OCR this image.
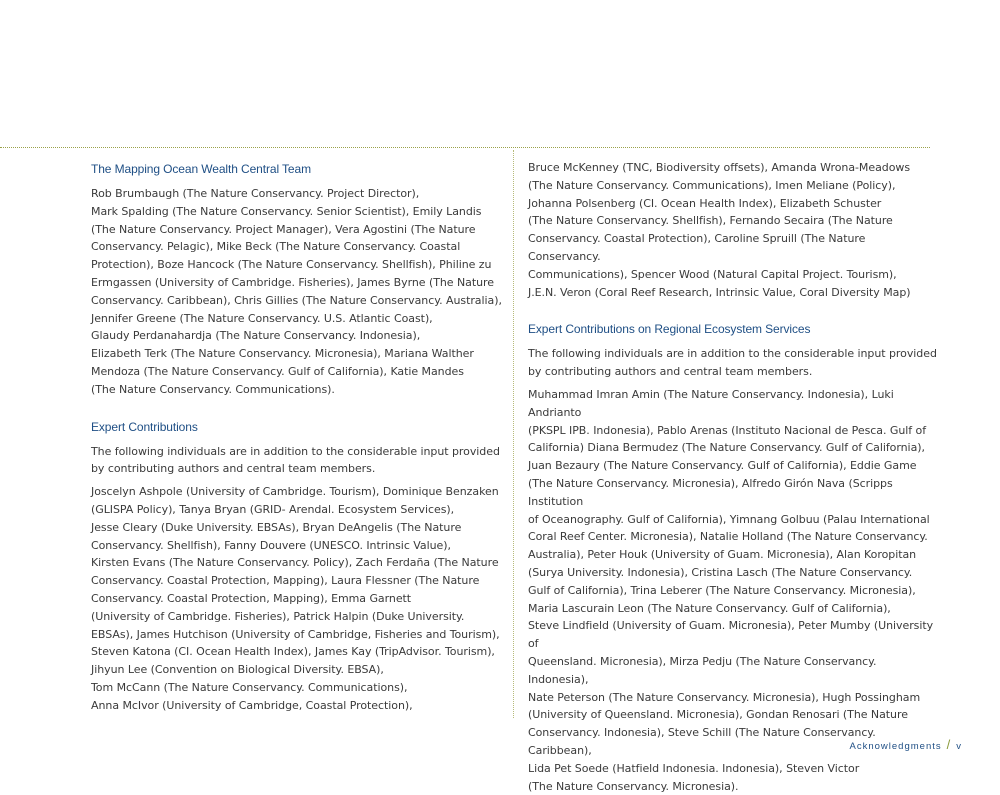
The Mapping Ocean Wealth Central Team

Rob Brumbaugh (The Nature Conservancy. Project Director),
Mark Spalding (The Nature Conservancy. Senior Scientist), Emily Landis
(The Nature Conservancy. Project Manager), Vera Agostini (The Nature
Conservancy. Pelagic), Mike Beck (The Nature Conservancy. Coastal
Protection), Boze Hancock (The Nature Conservancy. Shellfish), Philine zu
Ermgassen (University of Cambridge. Fisheries), James Byrne (The Nature
Conservancy. Caribbean), Chris Gillies (The Nature Conservancy. Australia),
Jennifer Greene (The Nature Conservancy. U.S. Atlantic Coast),
Glaudy Perdanahardja (The Nature Conservancy. Indonesia),
Elizabeth Terk (The Nature Conservancy. Micronesia), Mariana Walther
Mendoza (The Nature Conservancy. Gulf of California), Katie Mandes
(The Nature Conservancy. Communications).

Expert Contributions

The following individuals are in addition to the considerable input provided
by contributing authors and central team members.

Joscelyn Ashpole (University of Cambridge. Tourism), Dominique Benzaken
(GLISPA Policy), Tanya Bryan (GRID- Arendal. Ecosystem Services),
Jesse Cleary (Duke University. EBSAs), Bryan DeAngelis (The Nature
Conservancy. Shellfish), Fanny Douvere (UNESCO. Intrinsic Value),
Kirsten Evans (The Nature Conservancy. Policy), Zach Ferdaña (The Nature
Conservancy. Coastal Protection, Mapping), Laura Flessner (The Nature
Conservancy. Coastal Protection, Mapping), Emma Garnett
(University of Cambridge. Fisheries), Patrick Halpin (Duke University.
EBSAs), James Hutchison (University of Cambridge, Fisheries and Tourism),
Steven Katona (CI. Ocean Health Index), James Kay (TripAdvisor. Tourism),
Jihyun Lee (Convention on Biological Diversity. EBSA),
Tom McCann (The Nature Conservancy. Communications),
Anna McIvor (University of Cambridge, Coastal Protection),

Bruce McKenney (TNC, Biodiversity offsets), Amanda Wrona-Meadows
(The Nature Conservancy. Communications), Imen Meliane (Policy),
Johanna Polsenberg (CI. Ocean Health Index), Elizabeth Schuster
(The Nature Conservancy. Shellfish), Fernando Secaira (The Nature
Conservancy. Coastal Protection), Caroline Spruill (The Nature Conservancy.
Communications), Spencer Wood (Natural Capital Project. Tourism),
J.E.N. Veron (Coral Reef Research, Intrinsic Value, Coral Diversity Map)

Expert Contributions on Regional Ecosystem Services

The following individuals are in addition to the considerable input provided
by contributing authors and central team members.

Muhammad Imran Amin (The Nature Conservancy. Indonesia), Luki Andrianto
(PKSPL IPB. Indonesia), Pablo Arenas (Instituto Nacional de Pesca. Gulf of
California) Diana Bermudez (The Nature Conservancy. Gulf of California),
Juan Bezaury (The Nature Conservancy. Gulf of California), Eddie Game
(The Nature Conservancy. Micronesia), Alfredo Girón Nava (Scripps Institution
of Oceanography. Gulf of California), Yimnang Golbuu (Palau International
Coral Reef Center. Micronesia), Natalie Holland (The Nature Conservancy.
Australia), Peter Houk (University of Guam. Micronesia), Alan Koropitan
(Surya University. Indonesia), Cristina Lasch (The Nature Conservancy.
Gulf of California), Trina Leberer (The Nature Conservancy. Micronesia),
Maria Lascurain Leon (The Nature Conservancy. Gulf of California),
Steve Lindfield (University of Guam. Micronesia), Peter Mumby (University of
Queensland. Micronesia), Mirza Pedju (The Nature Conservancy. Indonesia),
Nate Peterson (The Nature Conservancy. Micronesia), Hugh Possingham
(University of Queensland. Micronesia), Gondan Renosari (The Nature
Conservancy. Indonesia), Steve Schill (The Nature Conservancy. Caribbean),
Lida Pet Soede (Hatfield Indonesia. Indonesia), Steven Victor
(The Nature Conservancy. Micronesia).

Acknowledgments / v
